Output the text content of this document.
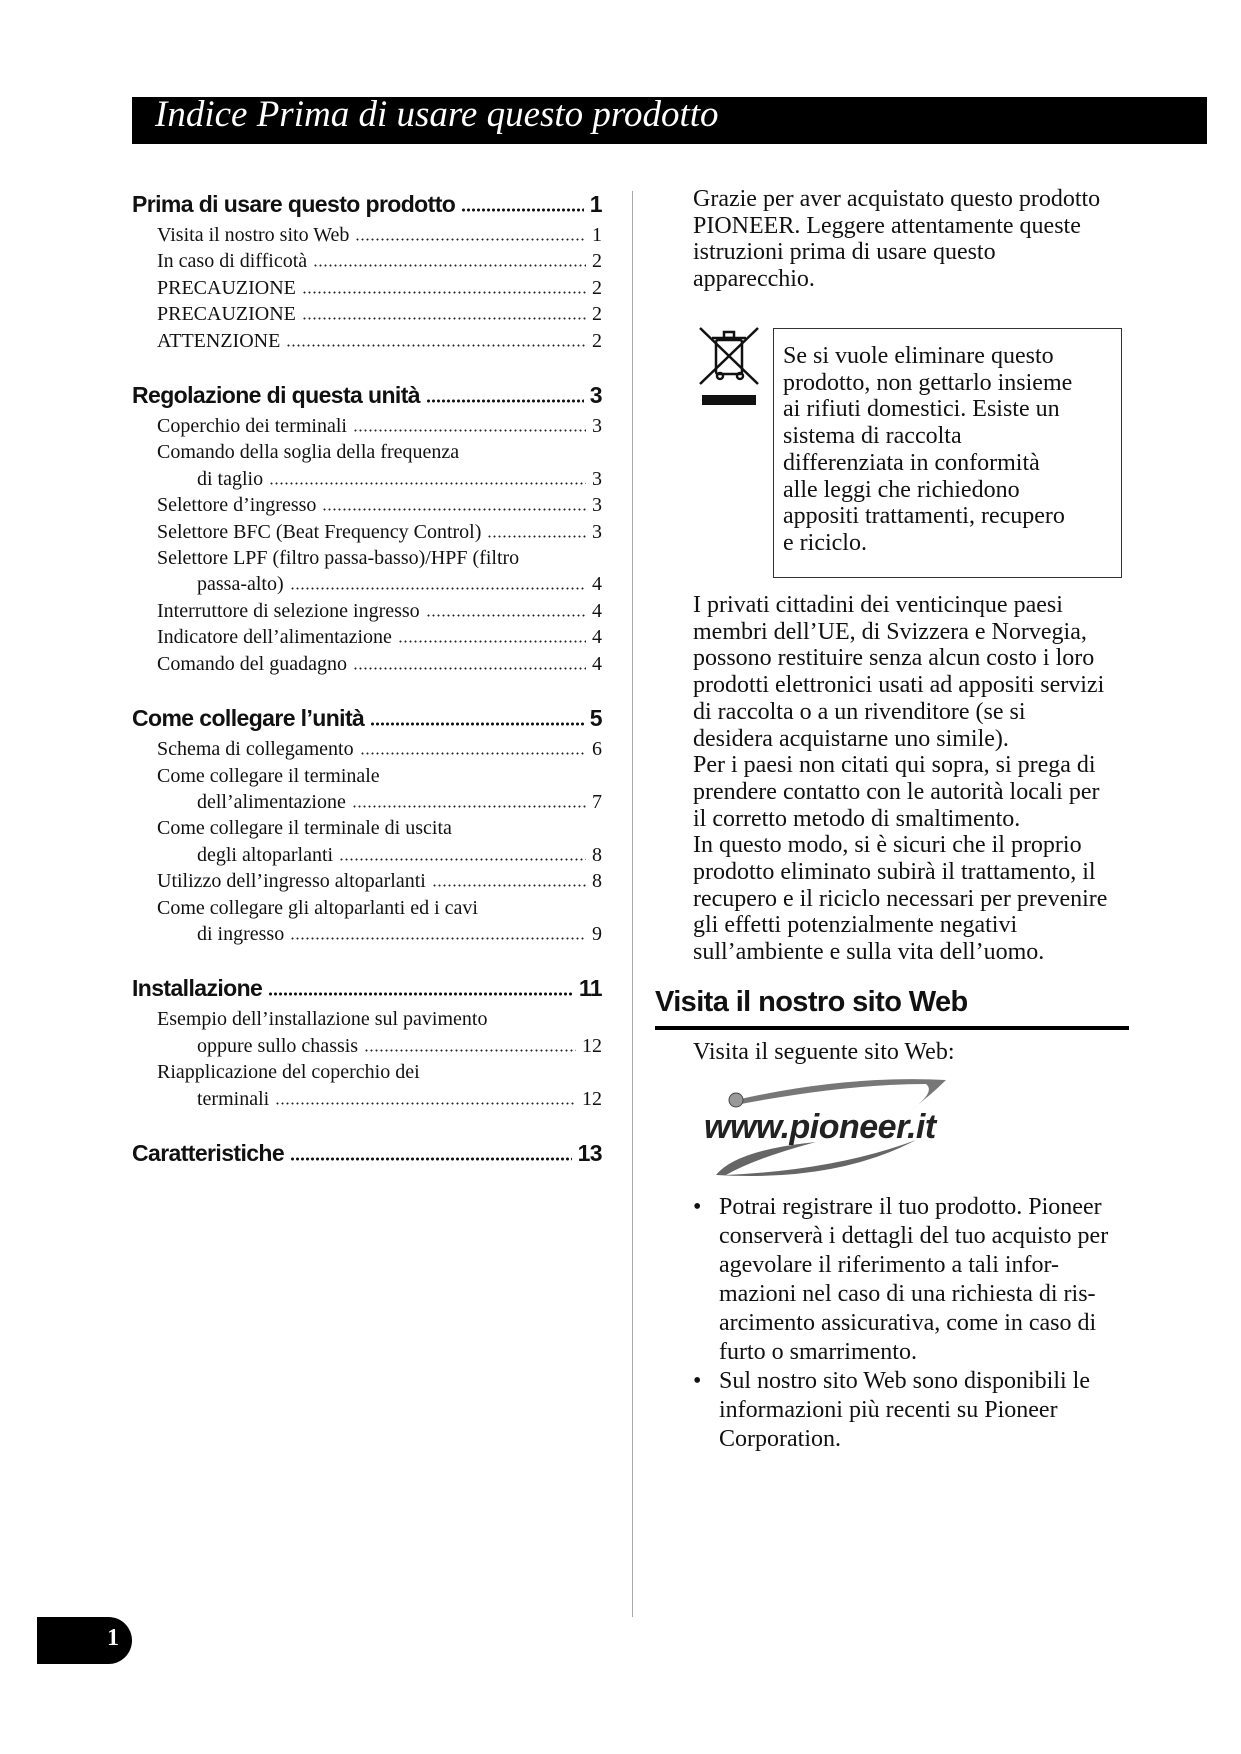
Indice Prima di usare questo prodotto
Prima di usare questo prodotto	1
Visita il nostro sito Web	1
In caso di difficotà	2
PRECAUZIONE	2
PRECAUZIONE	2
ATTENZIONE	2
Regolazione di questa unità	3
Coperchio dei terminali	3
Comando della soglia della frequenza
di taglio	3
Selettore d’ingresso	3
Selettore BFC (Beat Frequency Control)	3
Selettore LPF (filtro passa-basso)/HPF (filtro
passa-alto)	4
Interruttore di selezione ingresso	4
Indicatore dell’alimentazione	4
Comando del guadagno	4
Come collegare l’unità	5
Schema di collegamento	6
Come collegare il terminale
dell’alimentazione	7
Come collegare il terminale di uscita
degli altoparlanti	8
Utilizzo dell’ingresso altoparlanti	8
Come collegare gli altoparlanti ed i cavi
di ingresso	9
Installazione	11
Esempio dell’installazione sul pavimento
oppure sullo chassis	12
Riapplicazione del coperchio dei
terminali	12
Caratteristiche	13
Grazie per aver acquistato questo prodotto
PIONEER. Leggere attentamente queste
istruzioni prima di usare questo
apparecchio.
Se si vuole eliminare questo
prodotto, non gettarlo insieme
ai rifiuti domestici. Esiste un
sistema di raccolta
differenziata in conformità
alle leggi che richiedono
appositi trattamenti, recupero
e riciclo.
I privati cittadini dei venticinque paesi
membri dell’UE, di Svizzera e Norvegia,
possono restituire senza alcun costo i loro
prodotti elettronici usati ad appositi servizi
di raccolta o a un rivenditore (se si
desidera acquistarne uno simile).
Per i paesi non citati qui sopra, si prega di
prendere contatto con le autorità locali per
il corretto metodo di smaltimento.
In questo modo, si è sicuri che il proprio
prodotto eliminato subirà il trattamento, il
recupero e il riciclo necessari per prevenire
gli effetti potenzialmente negativi
sull’ambiente e sulla vita dell’uomo.
Visita il nostro sito Web
Visita il seguente sito Web:
www.pioneer.it
• Potrai registrare il tuo prodotto. Pioneer
conserverà i dettagli del tuo acquisto per
agevolare il riferimento a tali infor-
mazioni nel caso di una richiesta di ris-
arcimento assicurativa, come in caso di
furto o smarrimento.
• Sul nostro sito Web sono disponibili le
informazioni più recenti su Pioneer
Corporation.
1
